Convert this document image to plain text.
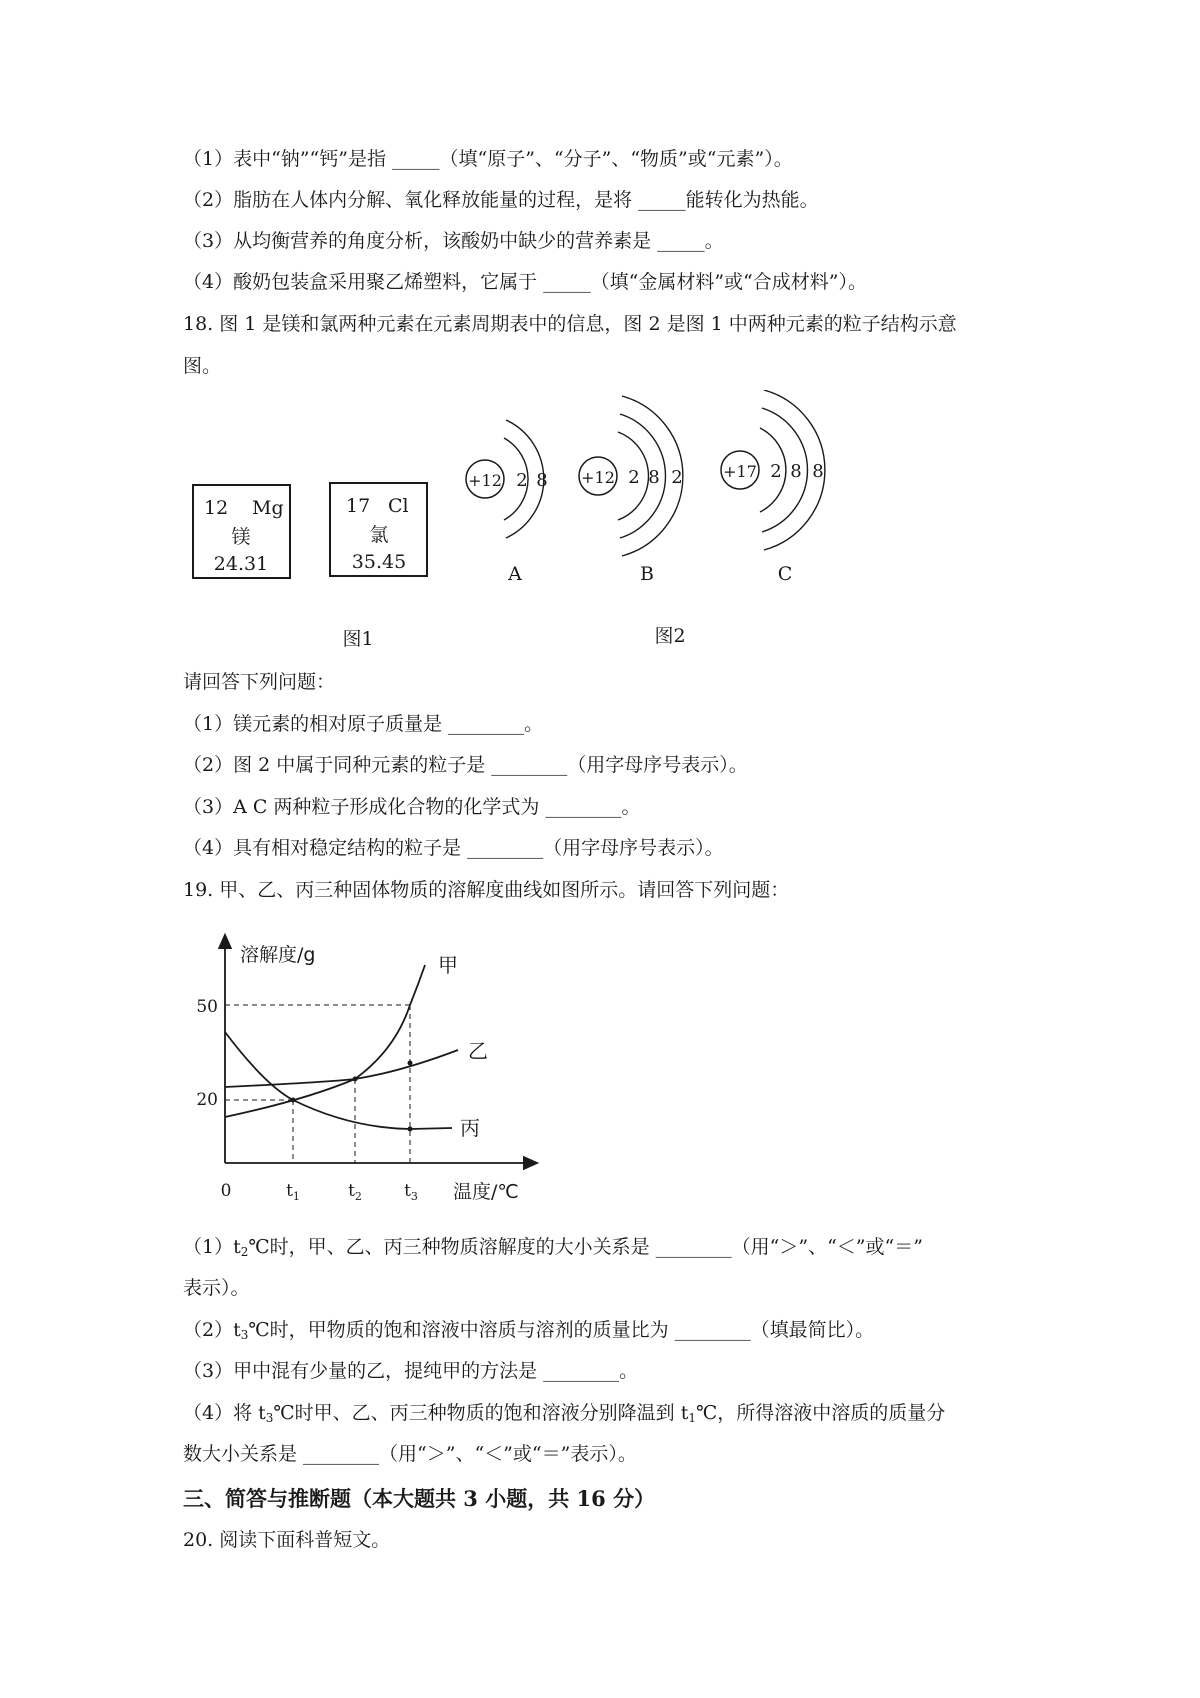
（1）表中“钠”“钙”是指 _____（填“原子”、“分子”、“物质”或“元素”）。
（2）脂肪在人体内分解、氧化释放能量的过程，是将 _____能转化为热能。
（3）从均衡营养的角度分析，该酸奶中缺少的营养素是 _____。
（4）酸奶包装盒采用聚乙烯塑料，它属于 _____（填“金属材料”或“合成材料”）。
18. 图 1 是镁和氯两种元素在元素周期表中的信息，图 2 是图 1 中两种元素的粒子结构示意
图。
12 Mg
镁
24.31
17 Cl
氯
35.45
图1
+12 2 8
A
+12 2 8 2
B
+17 2 8 8
C
图2
请回答下列问题：
（1）镁元素的相对原子质量是 ________。
（2）图 2 中属于同种元素的粒子是 ________（用字母序号表示）。
（3）A C 两种粒子形成化合物的化学式为 ________。
（4）具有相对稳定结构的粒子是 ________（用字母序号表示）。
19. 甲、乙、丙三种固体物质的溶解度曲线如图所示。请回答下列问题：
溶解度/g
温度/℃
0
50
20
$t_1$	$t_2$ $t_3$
甲
乙
丙
$(1)t_2℃$时，甲、乙、丙三种物质溶解度的大小关系是 ________（用“＞”、“＜”或“＝”
表示）。
$(2)t_3℃$时，甲物质的饱和溶液中溶质与溶剂的质量比为 ________（填最简比）。
（3）甲中混有少量的乙，提纯甲的方法是 ________。
（4）将 $t_3℃$时甲、乙、丙三种物质的饱和溶液分别降温到 $t_1℃$，所得溶液中溶质的质量分
数大小关系是 ________（用“＞”、“＜”或“＝”表示）。
三、简答与推断题（本大题共 3 小题，共 16 分）
20. 阅读下面科普短文。
